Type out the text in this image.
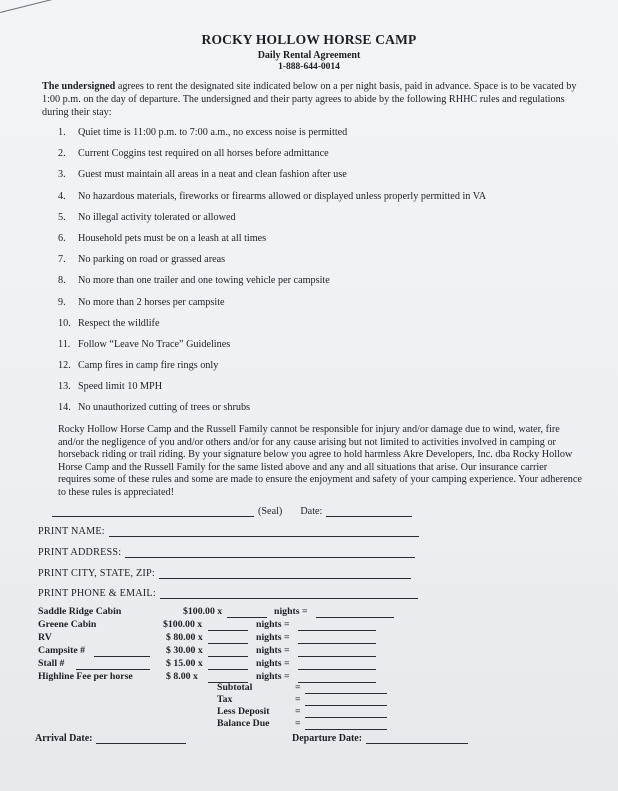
ROCKY HOLLOW HORSE CAMP
Daily Rental Agreement
1-888-644-0014
The undersigned agrees to rent the designated site indicated below on a per night basis, paid in advance. Space is to be vacated by 1:00 p.m. on the day of departure. The undersigned and their party agrees to abide by the following RHHC rules and regulations during their stay:
1.	Quiet time is 11:00 p.m. to 7:00 a.m., no excess noise is permitted
2.	Current Coggins test required on all horses before admittance
3.	Guest must maintain all areas in a neat and clean fashion after use
4.	No hazardous materials, fireworks or firearms allowed or displayed unless properly permitted in VA
5.	No illegal activity tolerated or allowed
6.	Household pets must be on a leash at all times
7.	No parking on road or grassed areas
8.	No more than one trailer and one towing vehicle per campsite
9.	No more than 2 horses per campsite
10. Respect the wildlife
11. Follow “Leave No Trace” Guidelines
12. Camp fires in camp fire rings only
13. Speed limit 10 MPH
14. No unauthorized cutting of trees or shrubs
Rocky Hollow Horse Camp and the Russell Family cannot be responsible for injury and/or damage due to wind, water, fire and/or the negligence of you and/or others and/or for any cause arising but not limited to activities involved in camping or horseback riding or trail riding. By your signature below you agree to hold harmless Akre Developers, Inc. dba Rocky Hollow Horse Camp and the Russell Family for the same listed above and any and all situations that arise. Our insurance carrier requires some of these rules and some are made to ensure the enjoyment and safety of your camping experience. Your adherence to these rules is appreciated!
(Seal) Date:
PRINT NAME:
PRINT ADDRESS:
PRINT CITY, STATE, ZIP:
PRINT PHONE & EMAIL:
Saddle Ridge Cabin	$100.00 x	nights =
Greene Cabin	$100.00 x	nights =
RV	$ 80.00 x	nights =
Campsite #	$ 30.00 x	nights =
Stall #	$ 15.00 x	nights =
Highline Fee per horse	$ 8.00 x	nights =
Subtotal	=
Tax	=
Less Deposit	=
Balance Due	=
Arrival Date:	Departure Date:
